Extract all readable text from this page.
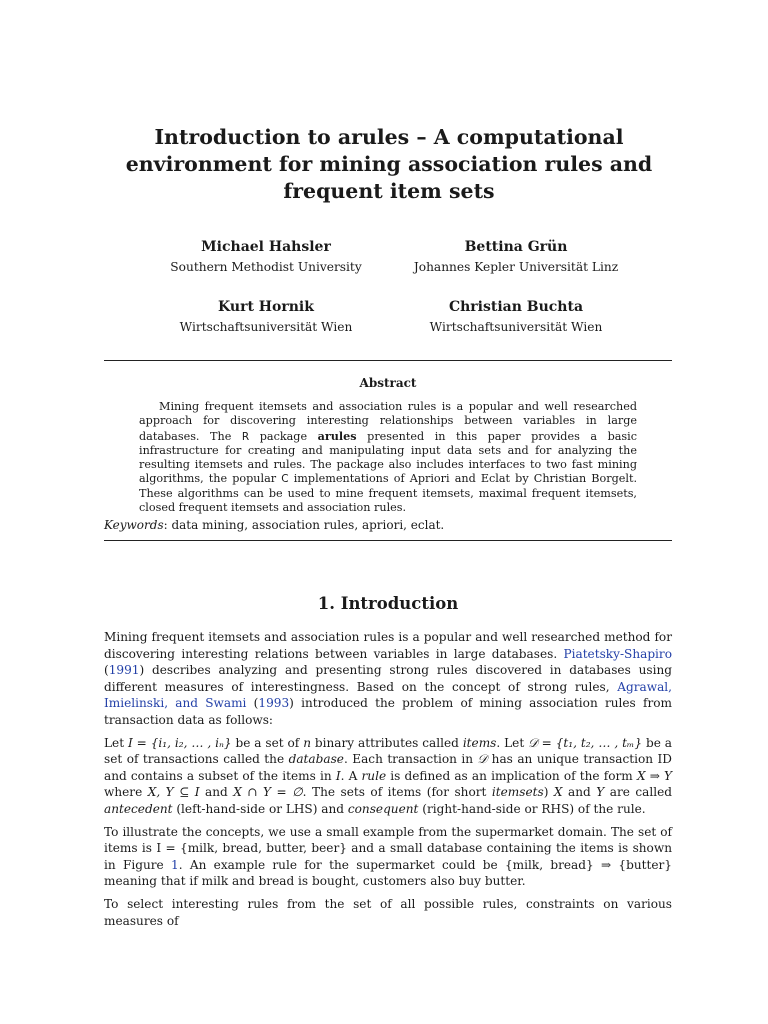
Introduction to arules – A computational environment for mining association rules and frequent item sets
Michael Hahsler
Southern Methodist University
Bettina Grün
Johannes Kepler Universität Linz
Kurt Hornik
Wirtschaftsuniversität Wien
Christian Buchta
Wirtschaftsuniversität Wien
Abstract
Mining frequent itemsets and association rules is a popular and well researched approach for discovering interesting relationships between variables in large databases. The R package arules presented in this paper provides a basic infrastructure for creating and manipulating input data sets and for analyzing the resulting itemsets and rules. The package also includes interfaces to two fast mining algorithms, the popular C implementations of Apriori and Eclat by Christian Borgelt. These algorithms can be used to mine frequent itemsets, maximal frequent itemsets, closed frequent itemsets and association rules.
Keywords: data mining, association rules, apriori, eclat.
1. Introduction

Mining frequent itemsets and association rules is a popular and well researched method for discovering interesting relations between variables in large databases. Piatetsky-Shapiro (1991) describes analyzing and presenting strong rules discovered in databases using different measures of interestingness. Based on the concept of strong rules, Agrawal, Imielinski, and Swami (1993) introduced the problem of mining association rules from transaction data as follows:

Let I = {i₁, i₂, … , iₙ} be a set of n binary attributes called items. Let 𝒟 = {t₁, t₂, … , tₘ} be a set of transactions called the database. Each transaction in 𝒟 has an unique transaction ID and contains a subset of the items in I. A rule is defined as an implication of the form X ⇒ Y where X, Y ⊆ I and X ∩ Y = ∅. The sets of items (for short itemsets) X and Y are called antecedent (left-hand-side or LHS) and consequent (right-hand-side or RHS) of the rule.

To illustrate the concepts, we use a small example from the supermarket domain. The set of items is I = {milk, bread, butter, beer} and a small database containing the items is shown in Figure 1. An example rule for the supermarket could be {milk, bread} ⇒ {butter} meaning that if milk and bread is bought, customers also buy butter.

To select interesting rules from the set of all possible rules, constraints on various measures of
